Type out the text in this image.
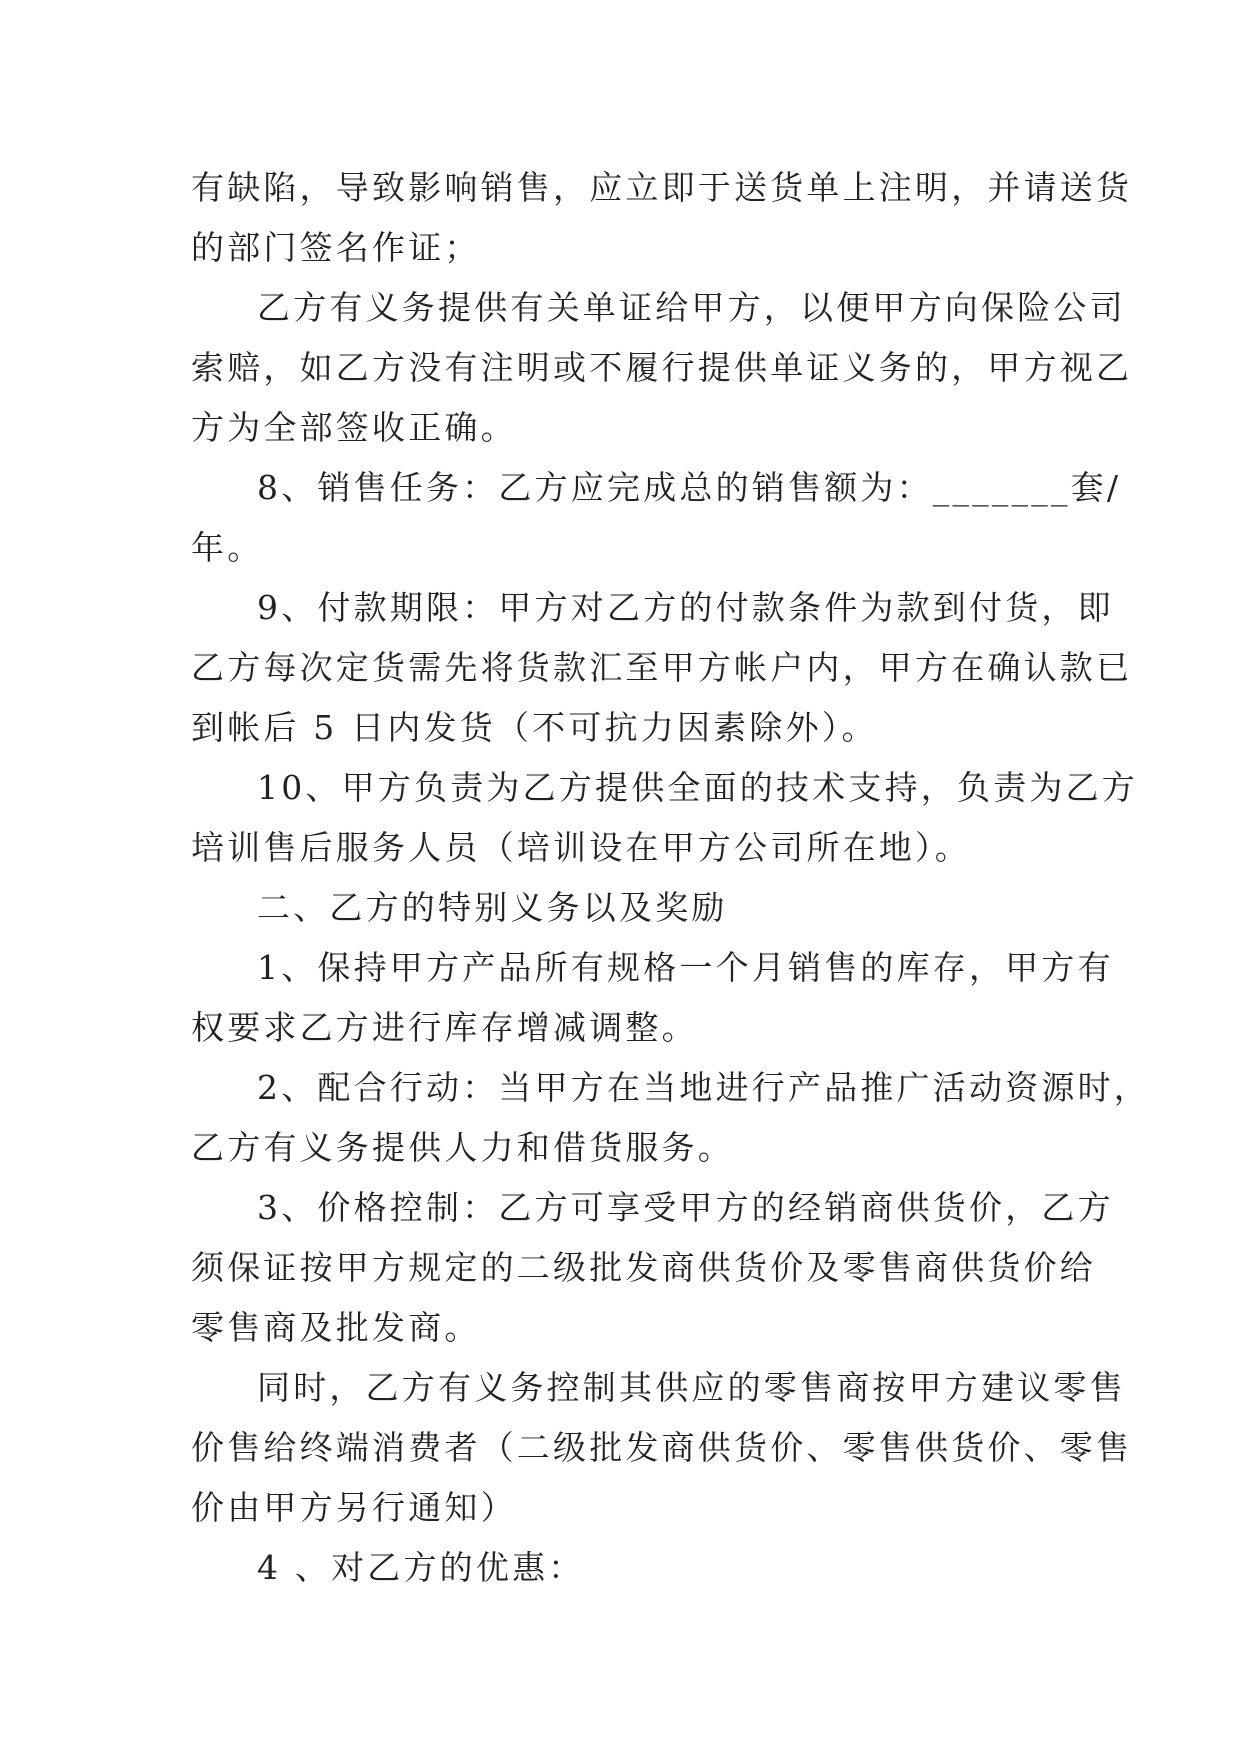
有缺陷，导致影响销售，应立即于送货单上注明，并请送货
的部门签名作证；
乙方有义务提供有关单证给甲方，以便甲方向保险公司
索赔，如乙方没有注明或不履行提供单证义务的，甲方视乙
方为全部签收正确。
8、销售任务：乙方应完成总的销售额为：_______套/
年。
9、付款期限：甲方对乙方的付款条件为款到付货，即
乙方每次定货需先将货款汇至甲方帐户内，甲方在确认款已
到帐后 5 日内发货（不可抗力因素除外）。
10、甲方负责为乙方提供全面的技术支持，负责为乙方
培训售后服务人员（培训设在甲方公司所在地）。
二、乙方的特别义务以及奖励
1、保持甲方产品所有规格一个月销售的库存，甲方有
权要求乙方进行库存增减调整。
2、配合行动：当甲方在当地进行产品推广活动资源时，
乙方有义务提供人力和借货服务。
3、价格控制：乙方可享受甲方的经销商供货价，乙方
须保证按甲方规定的二级批发商供货价及零售商供货价给
零售商及批发商。
同时，乙方有义务控制其供应的零售商按甲方建议零售
价售给终端消费者（二级批发商供货价、零售供货价、零售
价由甲方另行通知）
4 、对乙方的优惠：
